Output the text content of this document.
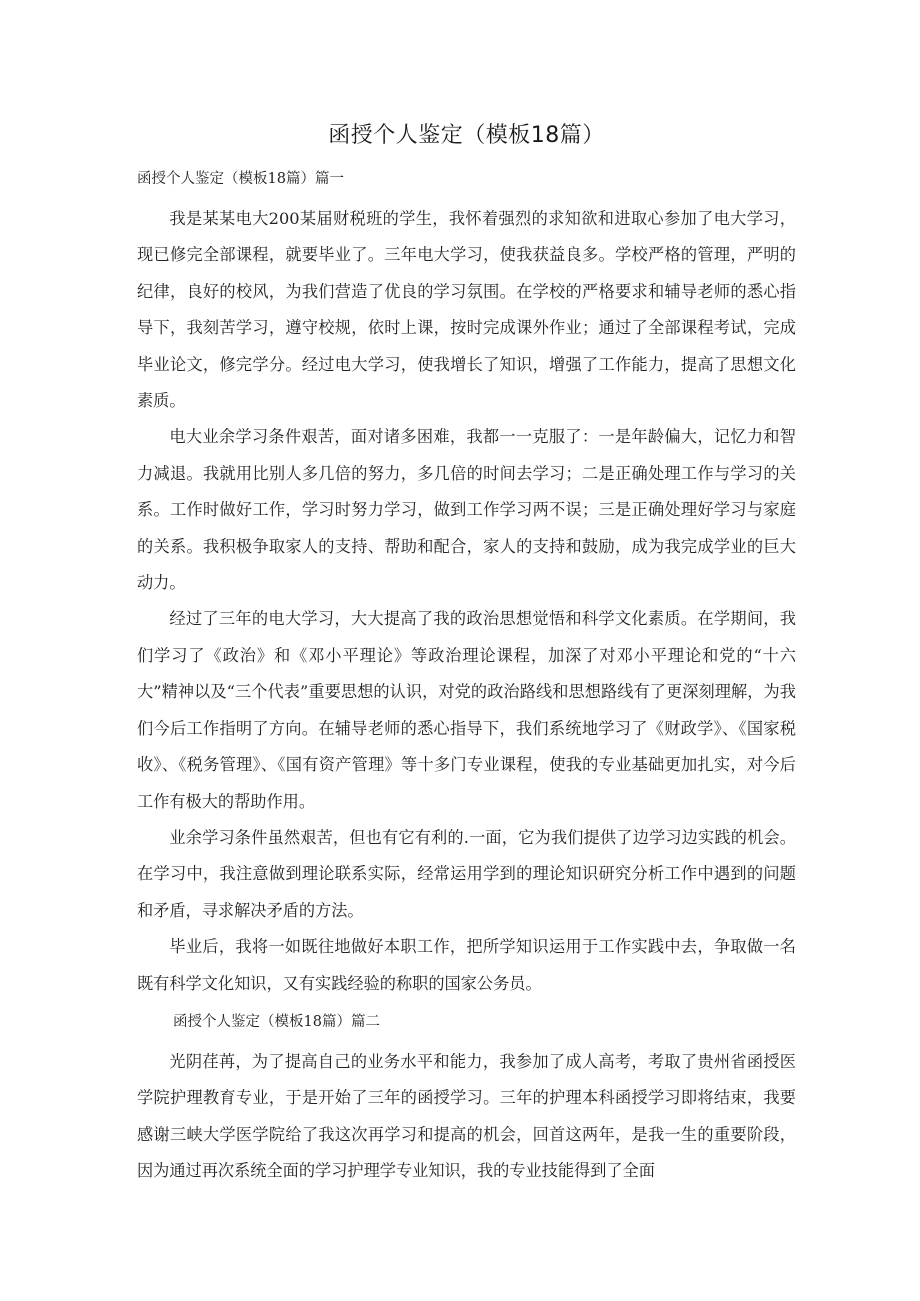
函授个人鉴定（模板18篇）
函授个人鉴定（模板18篇）篇一

我是某某电大200某届财税班的学生，我怀着强烈的求知欲和进取心参加了电大学习，现已修完全部课程，就要毕业了。三年电大学习，使我获益良多。学校严格的管理，严明的纪律，良好的校风，为我们营造了优良的学习氛围。在学校的严格要求和辅导老师的悉心指导下，我刻苦学习，遵守校规，依时上课，按时完成课外作业；通过了全部课程考试，完成毕业论文，修完学分。经过电大学习，使我增长了知识，增强了工作能力，提高了思想文化素质。

电大业余学习条件艰苦，面对诸多困难，我都一一克服了：一是年龄偏大，记忆力和智力减退。我就用比别人多几倍的努力，多几倍的时间去学习；二是正确处理工作与学习的关系。工作时做好工作，学习时努力学习，做到工作学习两不误；三是正确处理好学习与家庭的关系。我积极争取家人的支持、帮助和配合，家人的支持和鼓励，成为我完成学业的巨大动力。

经过了三年的电大学习，大大提高了我的政治思想觉悟和科学文化素质。在学期间，我们学习了《政治》和《邓小平理论》等政治理论课程，加深了对邓小平理论和党的“十六大”精神以及“三个代表”重要思想的认识，对党的政治路线和思想路线有了更深刻理解，为我们今后工作指明了方向。在辅导老师的悉心指导下，我们系统地学习了《财政学》、《国家税收》、《税务管理》、《国有资产管理》等十多门专业课程，使我的专业基础更加扎实，对今后工作有极大的帮助作用。

业余学习条件虽然艰苦，但也有它有利的.一面，它为我们提供了边学习边实践的机会。在学习中，我注意做到理论联系实际，经常运用学到的理论知识研究分析工作中遇到的问题和矛盾，寻求解决矛盾的方法。

毕业后，我将一如既往地做好本职工作，把所学知识运用于工作实践中去，争取做一名既有科学文化知识，又有实践经验的称职的国家公务员。

函授个人鉴定（模板18篇）篇二

光阴荏苒，为了提高自己的业务水平和能力，我参加了成人高考，考取了贵州省函授医学院护理教育专业，于是开始了三年的函授学习。三年的护理本科函授学习即将结束，我要感谢三峡大学医学院给了我这次再学习和提高的机会，回首这两年，是我一生的重要阶段，因为通过再次系统全面的学习护理学专业知识，我的专业技能得到了全面
